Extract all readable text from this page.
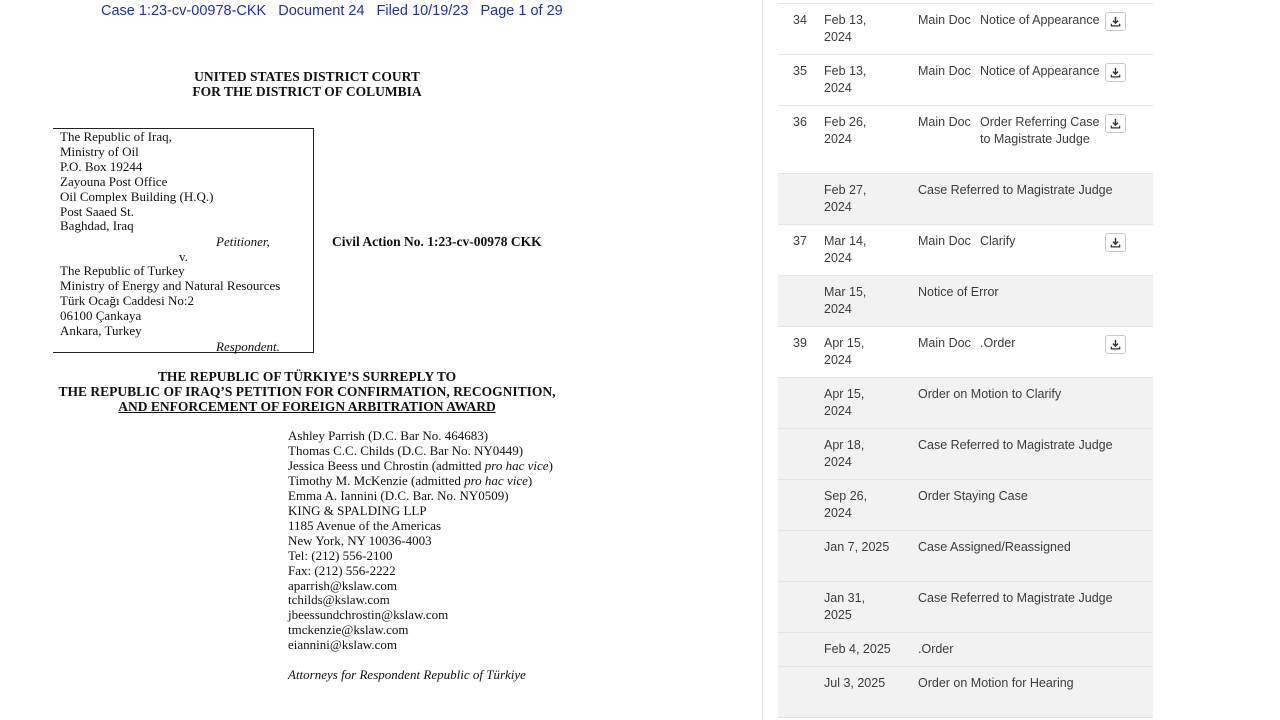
Case 1:23-cv-00978-CKK Document 24 Filed 10/19/23 Page 1 of 29
UNITED STATES DISTRICT COURT
FOR THE DISTRICT OF COLUMBIA
The Republic of Iraq,
Ministry of Oil
P.O. Box 19244
Zayouna Post Office
Oil Complex Building (H.Q.)
Post Saaed St.
Baghdad, Iraq
Petitioner,
v.
The Republic of Turkey
Ministry of Energy and Natural Resources
Türk Ocağı Caddesi No:2
06100 Çankaya
Ankara, Turkey
Respondent.
Civil Action No. 1:23-cv-00978 CKK
THE REPUBLIC OF TÜRKIYE’S SURREPLY TO
THE REPUBLIC OF IRAQ’S PETITION FOR CONFIRMATION, RECOGNITION,
AND ENFORCEMENT OF FOREIGN ARBITRATION AWARD
Ashley Parrish (D.C. Bar No. 464683)
Thomas C.C. Childs (D.C. Bar No. NY0449)
Jessica Beess und Chrostin (admitted pro hac vice)
Timothy M. McKenzie (admitted pro hac vice)
Emma A. Iannini (D.C. Bar. No. NY0509)
KING & SPALDING LLP
1185 Avenue of the Americas
New York, NY 10036-4003
Tel: (212) 556-2100
Fax: (212) 556-2222
aparrish@kslaw.com
tchilds@kslaw.com
jbeessundchrostin@kslaw.com
tmckenzie@kslaw.com
eiannini@kslaw.com
Attorneys for Respondent Republic of Türkiye
34 Feb 13, 2024
Main Doc Notice of Appearance
35 Feb 13, 2024
Main Doc Notice of Appearance
36 Feb 26, 2024
Main Doc Order Referring Case to Magistrate Judge
Feb 27, 2024
Case Referred to Magistrate Judge
37 Mar 14, 2024
Main Doc Clarify
Mar 15, 2024
Notice of Error
39 Apr 15, 2024
Main Doc .Order
Apr 15, 2024
Order on Motion to Clarify
Apr 18, 2024
Case Referred to Magistrate Judge
Sep 26, 2024
Order Staying Case
Jan 7, 2025	Case Assigned/Reassigned
Jan 31, 2025
Case Referred to Magistrate Judge
Feb 4, 2025 .Order
Jul 3, 2025	Order on Motion for Hearing
